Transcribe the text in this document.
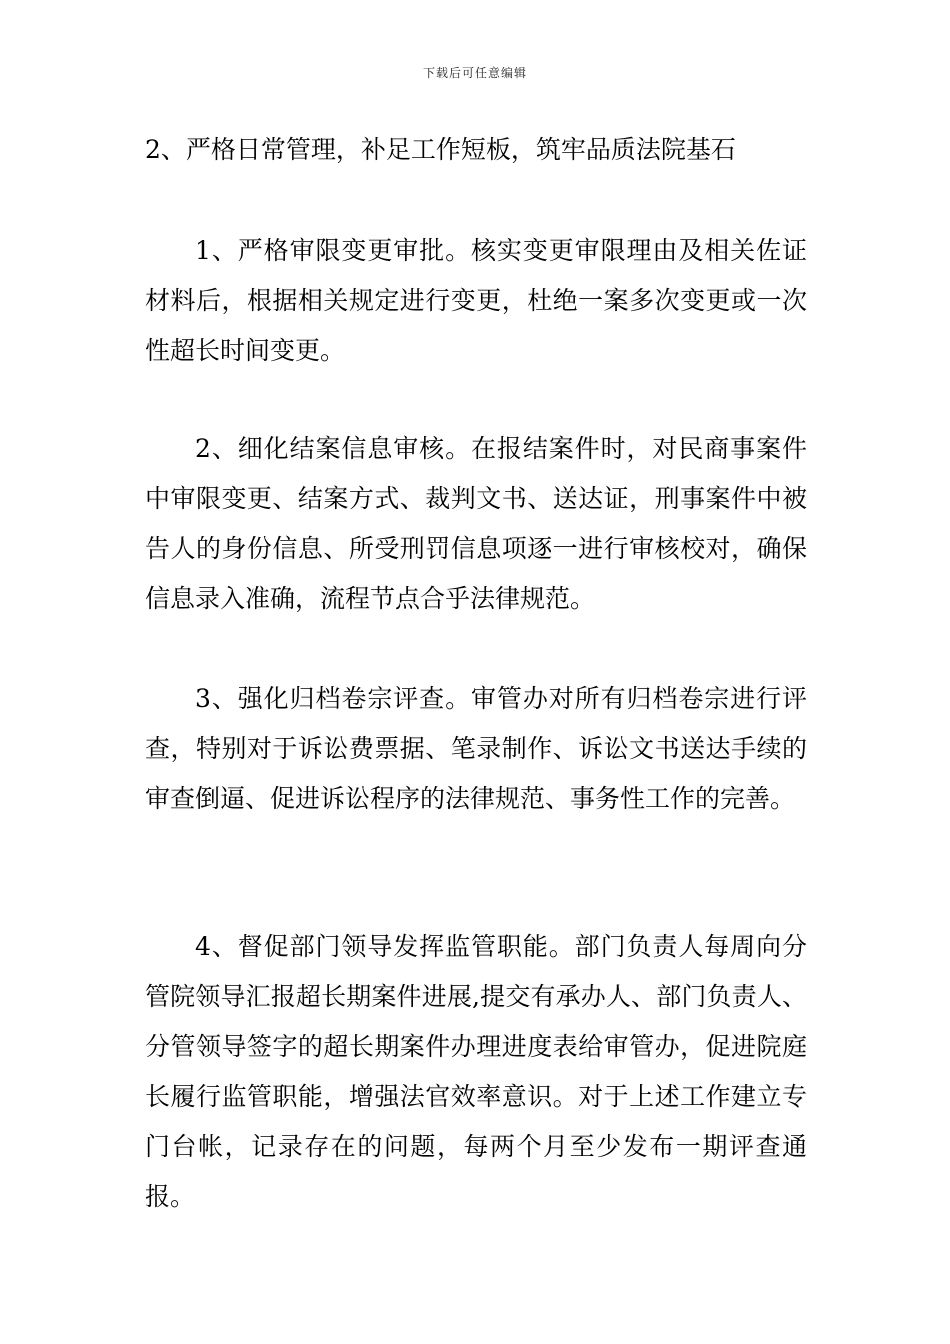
下载后可任意编辑
2、严格日常管理，补足工作短板，筑牢品质法院基石

1、严格审限变更审批。核实变更审限理由及相关佐证材料后，根据相关规定进行变更，杜绝一案多次变更或一次性超长时间变更。

2、细化结案信息审核。在报结案件时，对民商事案件中审限变更、结案方式、裁判文书、送达证，刑事案件中被告人的身份信息、所受刑罚信息项逐一进行审核校对，确保信息录入准确，流程节点合乎法律规范。

3、强化归档卷宗评查。审管办对所有归档卷宗进行评查，特别对于诉讼费票据、笔录制作、诉讼文书送达手续的审查倒逼、促进诉讼程序的法律规范、事务性工作的完善。

4、督促部门领导发挥监管职能。部门负责人每周向分管院领导汇报超长期案件进展,提交有承办人、部门负责人、分管领导签字的超长期案件办理进度表给审管办，促进院庭长履行监管职能，增强法官效率意识。对于上述工作建立专门台帐，记录存在的问题，每两个月至少发布一期评查通报。
